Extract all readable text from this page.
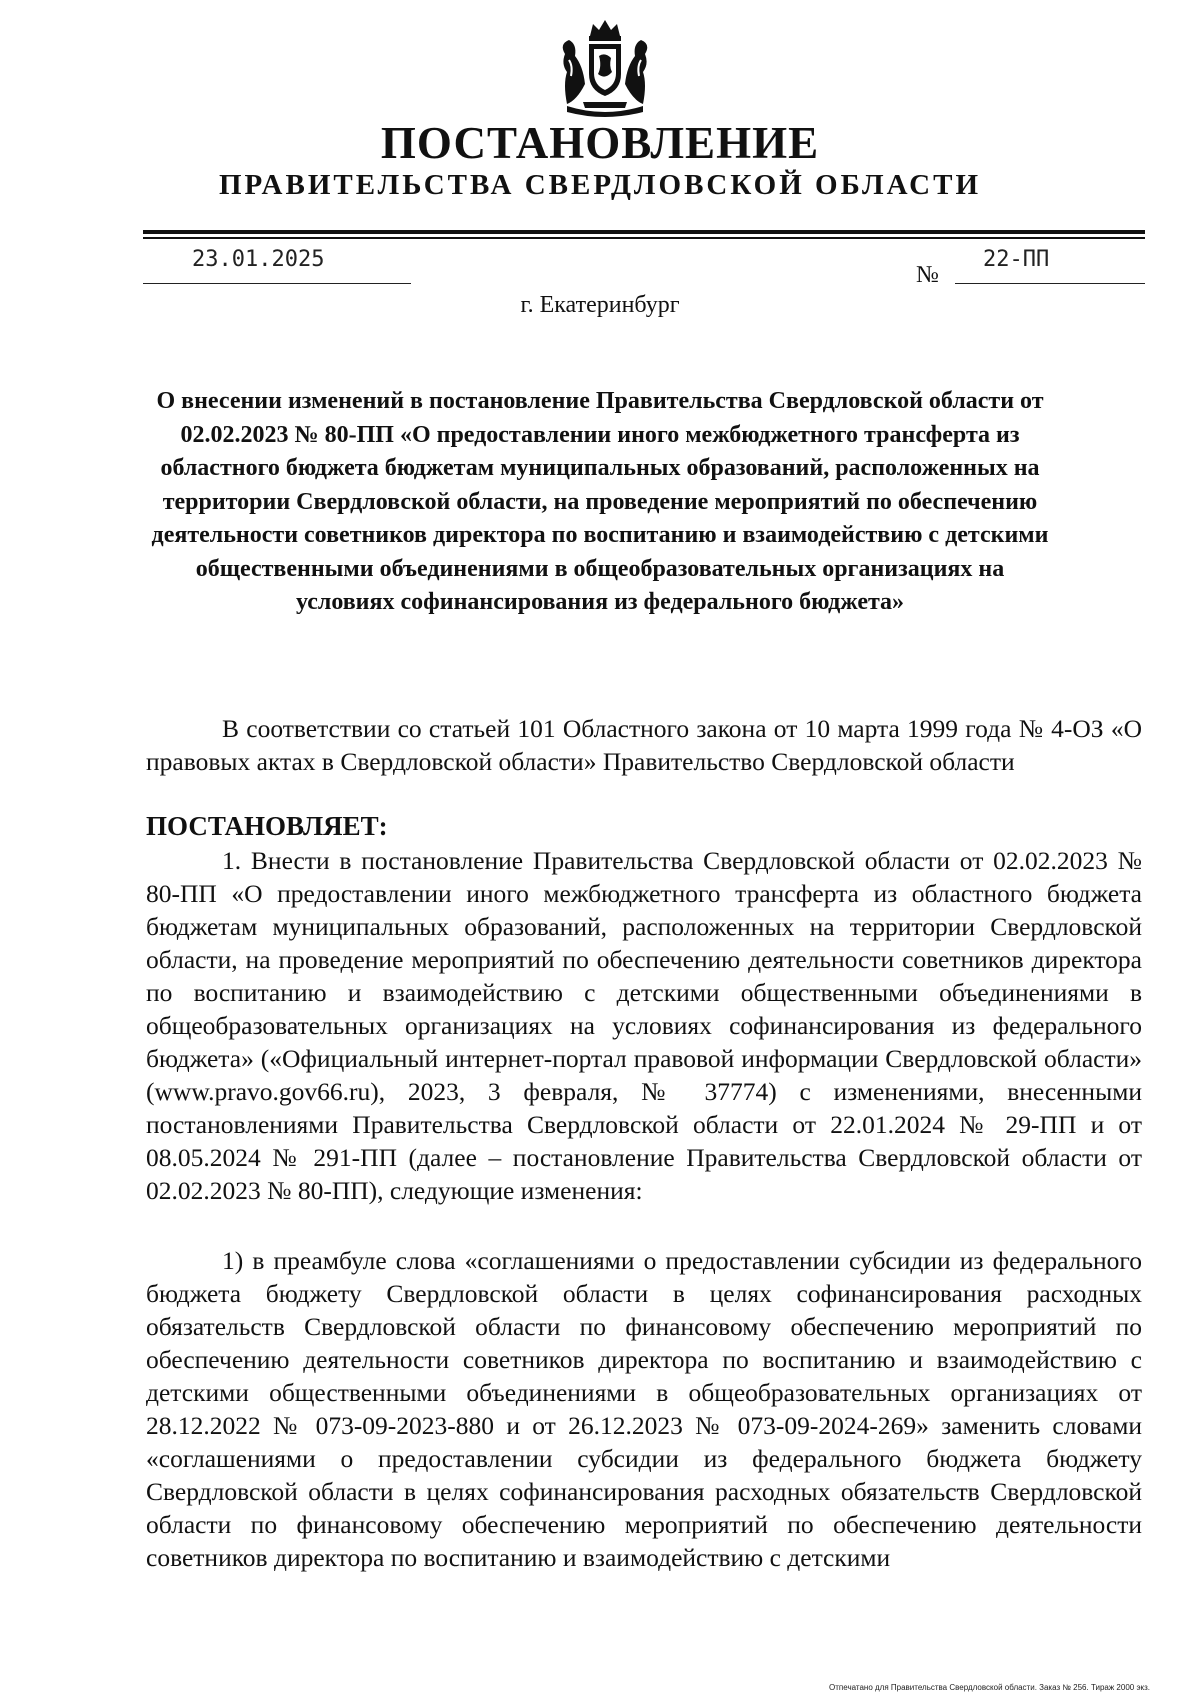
ПОСТАНОВЛЕНИЕ
ПРАВИТЕЛЬСТВА СВЕРДЛОВСКОЙ ОБЛАСТИ
23.01.2025
№
22-ПП
г. Екатеринбург
О внесении изменений в постановление Правительства Свердловской области от 02.02.2023 № 80-ПП «О предоставлении иного межбюджетного трансферта из областного бюджета бюджетам муниципальных образований, расположенных на территории Свердловской области, на проведение мероприятий по обеспечению деятельности советников директора по воспитанию и взаимодействию с детскими общественными объединениями в общеобразовательных организациях на условиях софинансирования из федерального бюджета»
В соответствии со статьей 101 Областного закона от 10 марта 1999 года № 4-ОЗ «О правовых актах в Свердловской области» Правительство Свердловской области
ПОСТАНОВЛЯЕТ:
1. Внести в постановление Правительства Свердловской области от 02.02.2023 № 80-ПП «О предоставлении иного межбюджетного трансферта из областного бюджета бюджетам муниципальных образований, расположенных на территории Свердловской области, на проведение мероприятий по обеспечению деятельности советников директора по воспитанию и взаимодействию с детскими общественными объединениями в общеобразовательных организациях на условиях софинансирования из федерального бюджета» («Официальный интернет-портал правовой информации Свердловской области» (www.pravo.gov66.ru), 2023, 3 февраля, № 37774) с изменениями, внесенными постановлениями Правительства Свердловской области от 22.01.2024 № 29-ПП и от 08.05.2024 № 291-ПП (далее – постановление Правительства Свердловской области от 02.02.2023 № 80-ПП), следующие изменения:
1) в преамбуле слова «соглашениями о предоставлении субсидии из федерального бюджета бюджету Свердловской области в целях софинансирования расходных обязательств Свердловской области по финансовому обеспечению мероприятий по обеспечению деятельности советников директора по воспитанию и взаимодействию с детскими общественными объединениями в общеобразовательных организациях от 28.12.2022 № 073-09-2023-880 и от 26.12.2023 № 073-09-2024-269» заменить словами «соглашениями о предоставлении субсидии из федерального бюджета бюджету Свердловской области в целях софинансирования расходных обязательств Свердловской области по финансовому обеспечению мероприятий по обеспечению деятельности советников директора по воспитанию и взаимодействию с детскими
Отпечатано для Правительства Свердловской области. Заказ № 256. Тираж 2000 экз.
